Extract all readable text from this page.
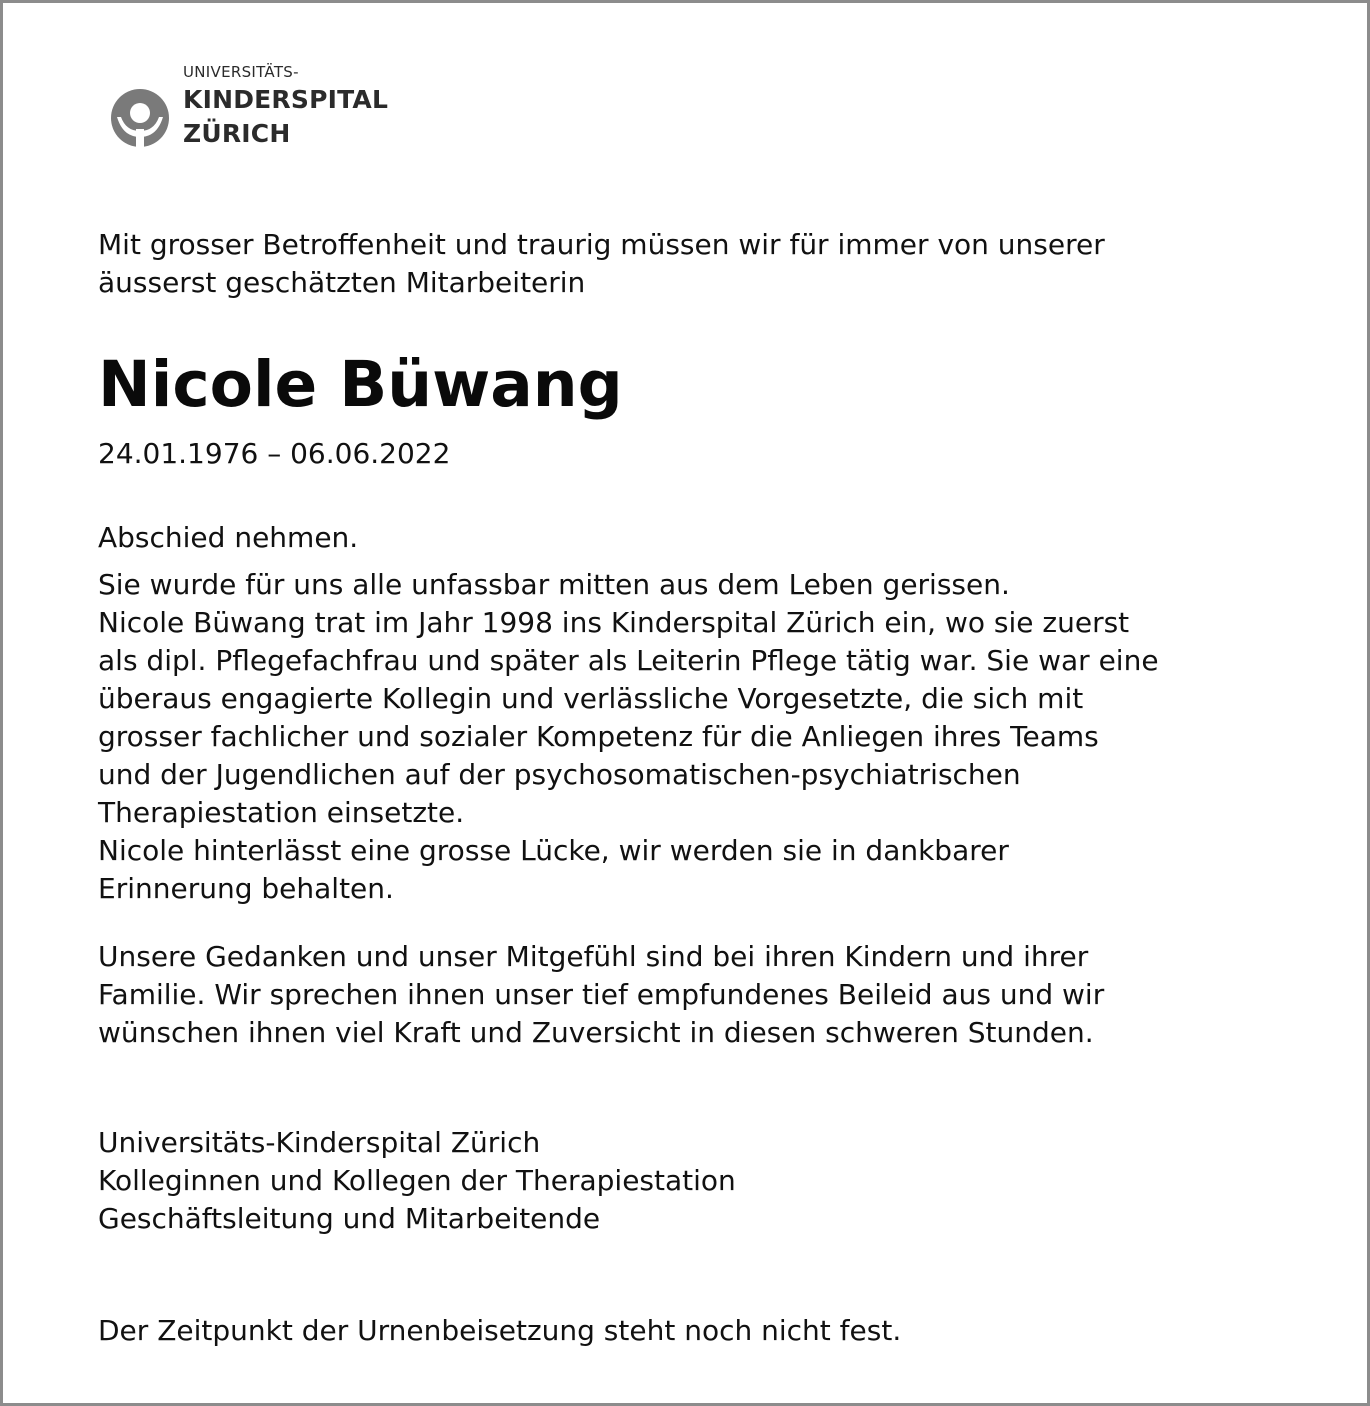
UNIVERSITÄTS-
KINDERSPITAL
ZÜRICH
Mit grosser Betroffenheit und traurig müssen wir für immer von unserer
äusserst geschätzten Mitarbeiterin
Nicole Büwang
24.01.1976 – 06.06.2022
Abschied nehmen.
Sie wurde für uns alle unfassbar mitten aus dem Leben gerissen.
Nicole Büwang trat im Jahr 1998 ins Kinderspital Zürich ein, wo sie zuerst
als dipl. Pflegefachfrau und später als Leiterin Pflege tätig war. Sie war eine
überaus engagierte Kollegin und verlässliche Vorgesetzte, die sich mit
grosser fachlicher und sozialer Kompetenz für die Anliegen ihres Teams
und der Jugendlichen auf der psychosomatischen-psychiatrischen
Therapiestation einsetzte.
Nicole hinterlässt eine grosse Lücke, wir werden sie in dankbarer
Erinnerung behalten.
Unsere Gedanken und unser Mitgefühl sind bei ihren Kindern und ihrer
Familie. Wir sprechen ihnen unser tief empfundenes Beileid aus und wir
wünschen ihnen viel Kraft und Zuversicht in diesen schweren Stunden.
Universitäts-Kinderspital Zürich
Kolleginnen und Kollegen der Therapiestation
Geschäftsleitung und Mitarbeitende
Der Zeitpunkt der Urnenbeisetzung steht noch nicht fest.
